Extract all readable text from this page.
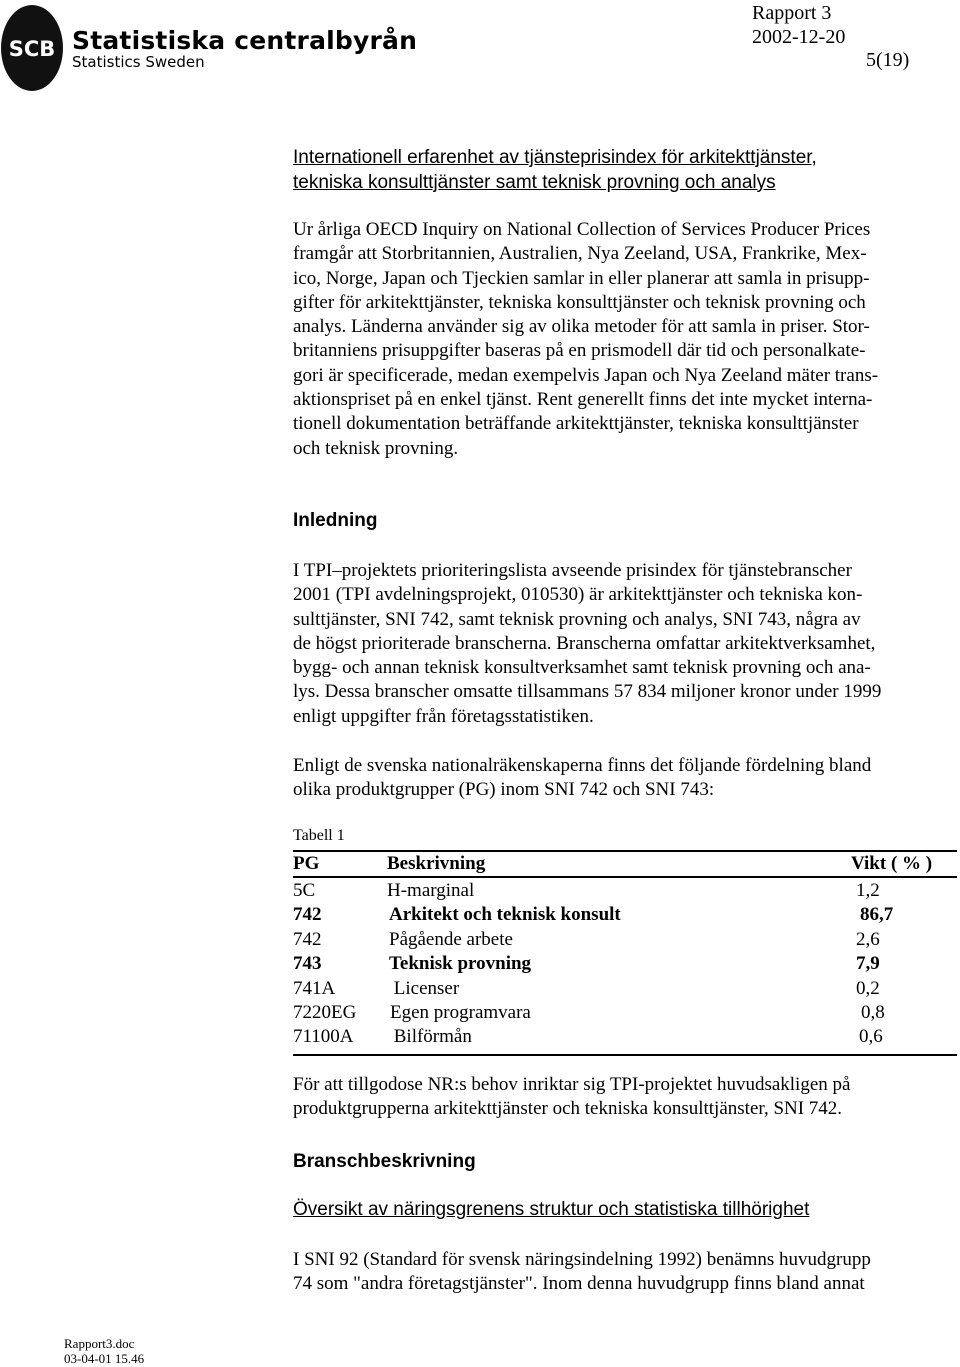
SCB Statistiska centralbyrån
Statistics Sweden
Rapport 3
2002-12-20
5(19)
Internationell erfarenhet av tjänsteprisindex för arkitekttjänster,
tekniska konsulttjänster samt teknisk provning och analys
Ur årliga OECD Inquiry on National Collection of Services Producer Prices
framgår att Storbritannien, Australien, Nya Zeeland, USA, Frankrike, Mex-
ico, Norge, Japan och Tjeckien samlar in eller planerar att samla in prisupp-
gifter för arkitekttjänster, tekniska konsulttjänster och teknisk provning och
analys. Länderna använder sig av olika metoder för att samla in priser. Stor-
britanniens prisuppgifter baseras på en prismodell där tid och personalkate-
gori är specificerade, medan exempelvis Japan och Nya Zeeland mäter trans-
aktionspriset på en enkel tjänst. Rent generellt finns det inte mycket interna-
tionell dokumentation beträffande arkitekttjänster, tekniska konsulttjänster
och teknisk provning.
Inledning
I TPI–projektets prioriteringslista avseende prisindex för tjänstebranscher
2001 (TPI avdelningsprojekt, 010530) är arkitekttjänster och tekniska kon-
sulttjänster, SNI 742, samt teknisk provning och analys, SNI 743, några av
de högst prioriterade branscherna. Branscherna omfattar arkitektverksamhet,
bygg- och annan teknisk konsultverksamhet samt teknisk provning och ana-
lys. Dessa branscher omsatte tillsammans 57 834 miljoner kronor under 1999
enligt uppgifter från företagsstatistiken.
Enligt de svenska nationalräkenskaperna finns det följande fördelning bland
olika produktgrupper (PG) inom SNI 742 och SNI 743:
Tabell 1
PG	Beskrivning	Vikt ( % )
5C	H-marginal	1,2
742	Arkitekt och teknisk konsult	86,7
742	Pågående arbete	2,6
743	Teknisk provning	7,9
741A	Licenser	0,2
7220EG Egen programvara	0,8
71100A Bilförmån	0,6
För att tillgodose NR:s behov inriktar sig TPI-projektet huvudsakligen på
produktgrupperna arkitekttjänster och tekniska konsulttjänster, SNI 742.
Branschbeskrivning
Översikt av näringsgrenens struktur och statistiska tillhörighet
I SNI 92 (Standard för svensk näringsindelning 1992) benämns huvudgrupp
74 som "andra företagstjänster". Inom denna huvudgrupp finns bland annat
Rapport3.doc
03-04-01 15.46
